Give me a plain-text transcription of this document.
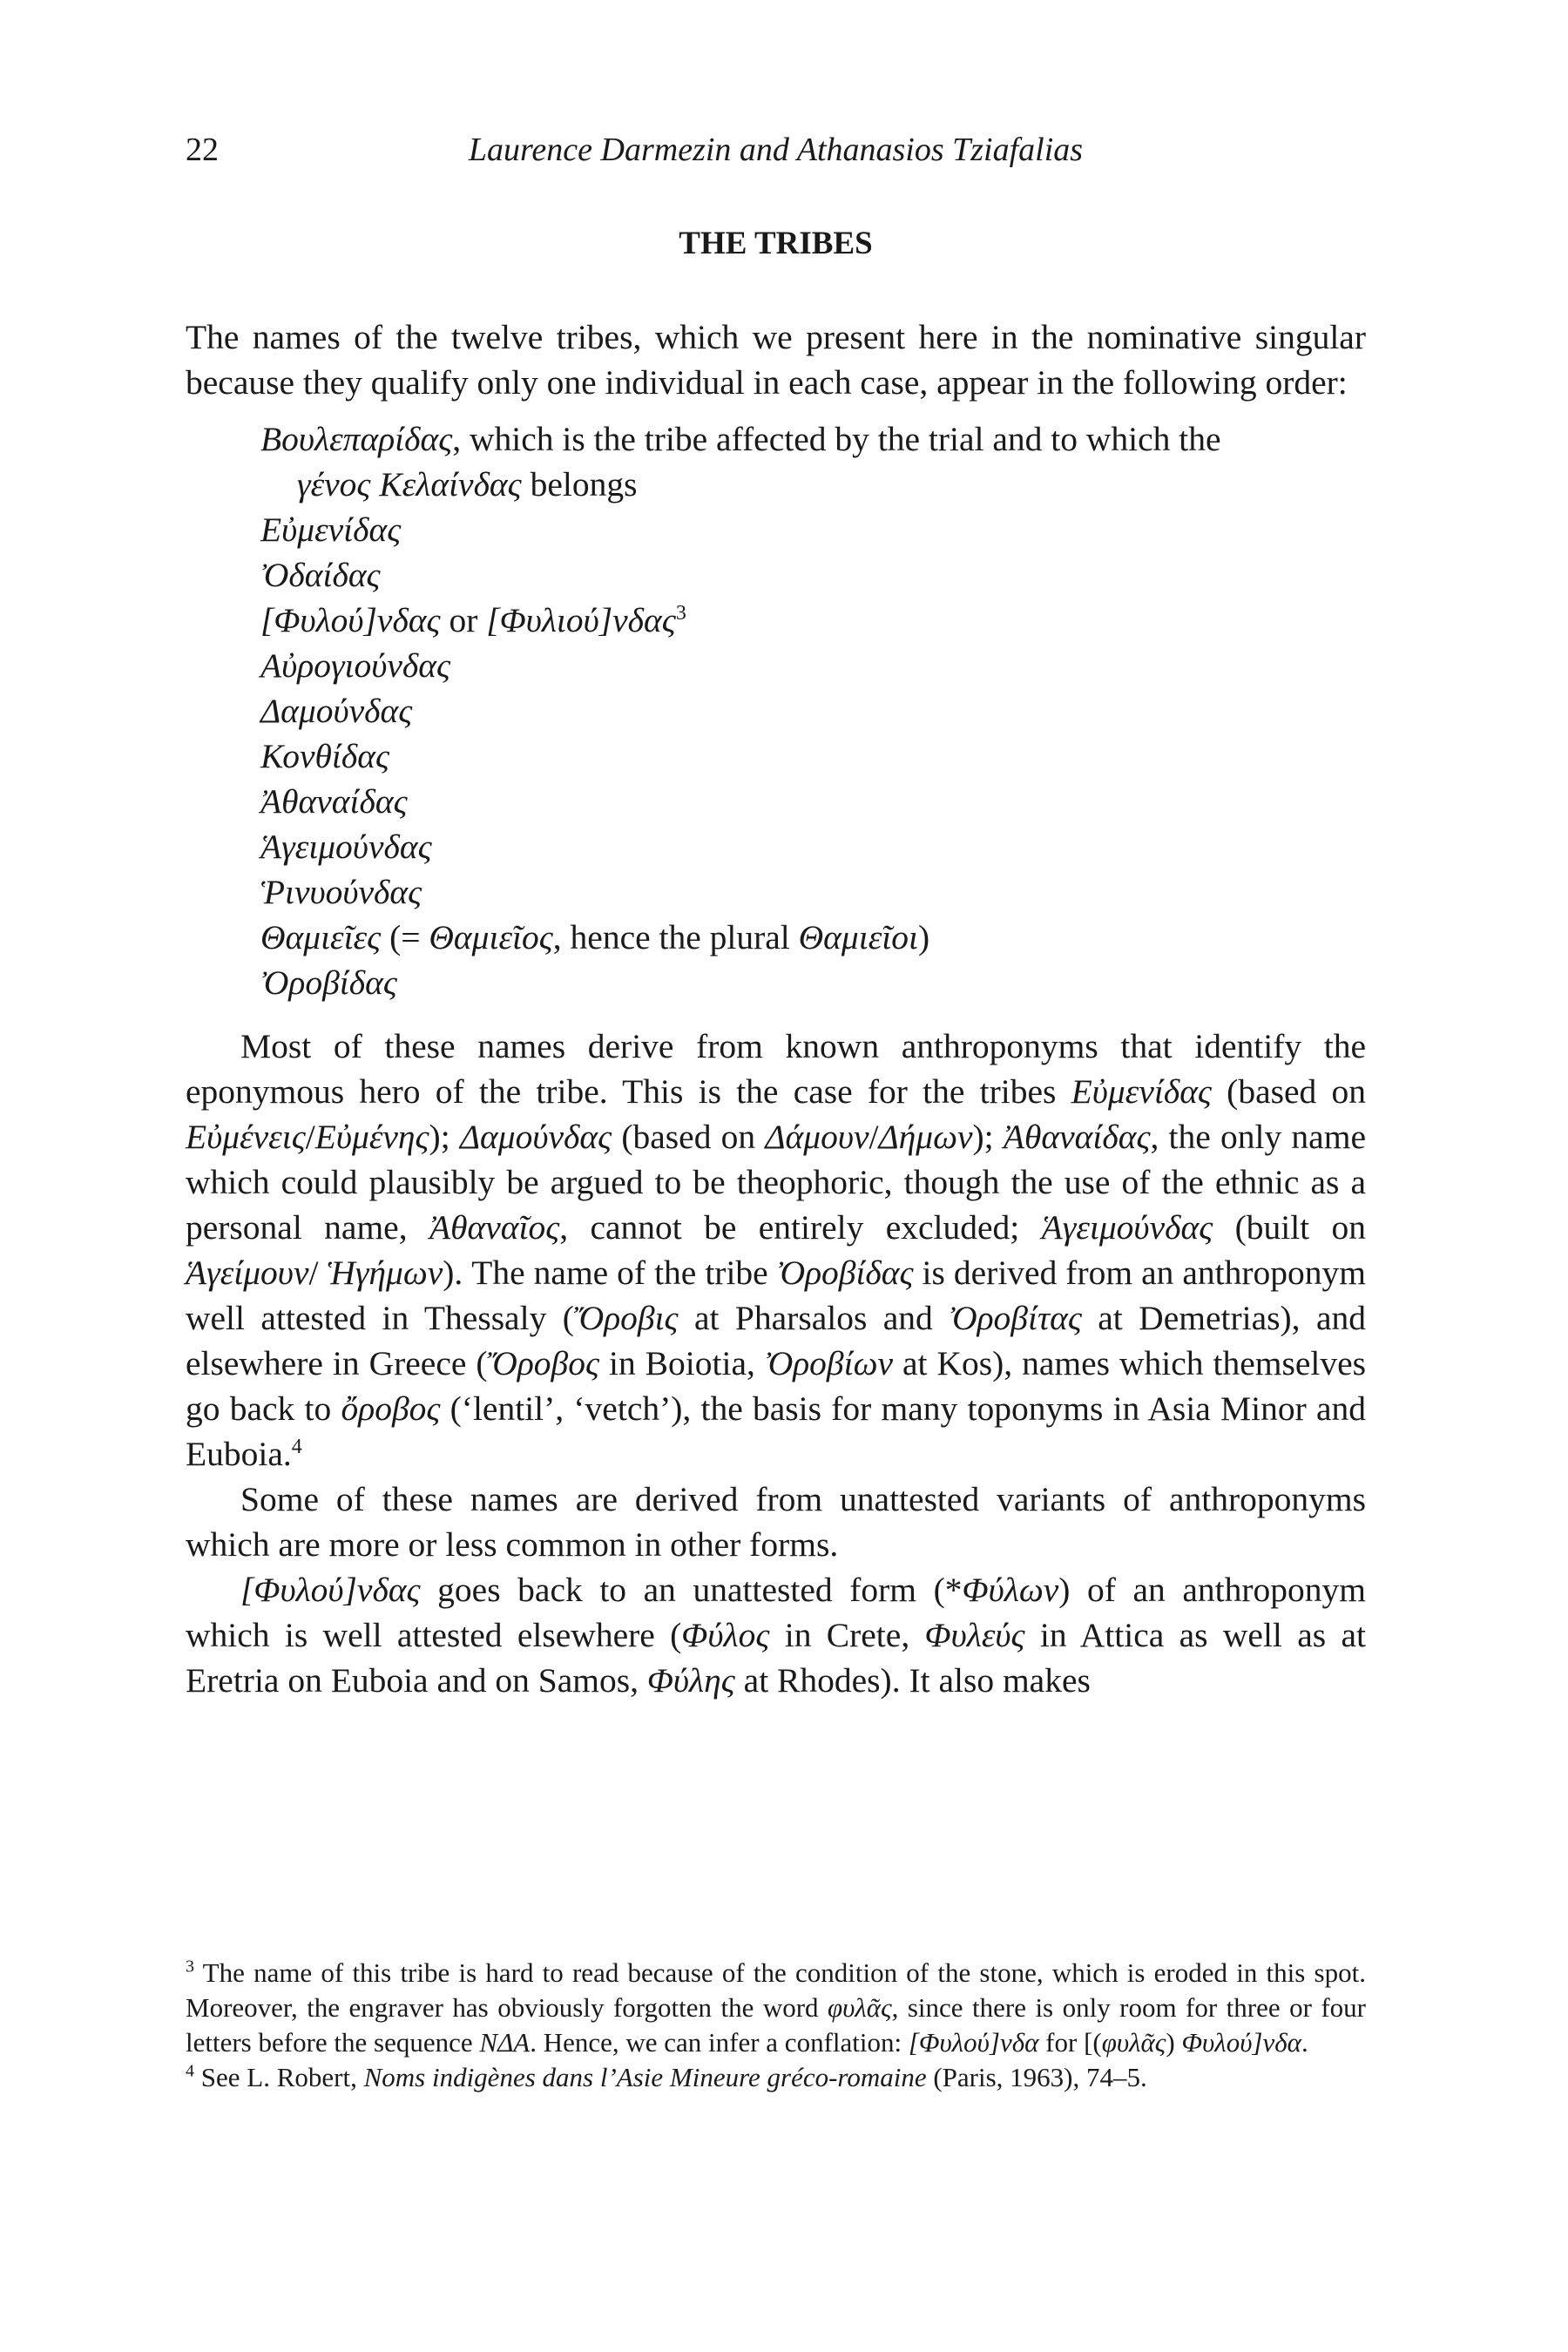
22	Laurence Darmezin and Athanasios Tziafalias
THE TRIBES

The names of the twelve tribes, which we present here in the nominative singular because they qualify only one individual in each case, appear in the following order:

Βουλεπαρίδας, which is the tribe affected by the trial and to which the
γένος Κελαίνδας belongs
Εὐμενίδας
Ὀδαίδας
[Φυλού]νδας or [Φυλιού]νδας$^3$
Αὐρογιούνδας
Δαμούνδας
Κονθίδας
Ἀθαναίδας
Ἁγειμούνδας
Ῥινυούνδας
Θαμιεῖες (= Θαμιεῖος, hence the plural Θαμιεῖοι)
Ὀροβίδας

Most of these names derive from known anthroponyms that identify the eponymous hero of the tribe. This is the case for the tribes Εὐμενίδας (based on Εὐμένεις/Εὐμένης); Δαμούνδας (based on Δάμουν/Δήμων); Ἀθαναίδας, the only name which could plausibly be argued to be theophoric, though the use of the ethnic as a personal name, Ἀθαναῖος, cannot be entirely excluded; Ἁγειμούνδας (built on Ἁγείμουν/ Ἡγήμων). The name of the tribe Ὀροβίδας is derived from an anthroponym well attested in Thessaly (Ὄροβις at Pharsalos and Ὀροβίτας at Demetrias), and elsewhere in Greece (Ὄροβος in Boiotia, Ὀροβίων at Kos), names which themselves go back to ὄροβος (‘lentil’, ‘vetch’), the basis for many toponyms in Asia Minor and Euboia.$^4$

Some of these names are derived from unattested variants of anthroponyms which are more or less common in other forms.

[Φυλού]νδας goes back to an unattested form (*Φύλων) of an anthroponym which is well attested elsewhere (Φύλος in Crete, Φυλεύς in Attica as well as at Eretria on Euboia and on Samos, Φύλης at Rhodes). It also makes

$^3$ The name of this tribe is hard to read because of the condition of the stone, which is eroded in this spot. Moreover, the engraver has obviously forgotten the word φυλᾶς, since there is only room for three or four letters before the sequence ΝΔΑ. Hence, we can infer a conflation: [Φυλού]νδα for [(φυλᾶς) Φυλού]νδα.

$^4$ See L. Robert, Noms indigènes dans l’Asie Mineure gréco-romaine (Paris, 1963), 74–5.
